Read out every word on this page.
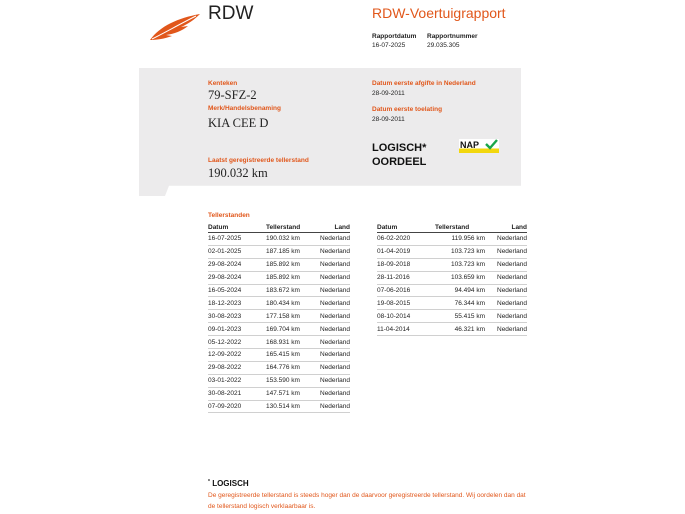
RDW	RDW-Voertuigrapport
Rapportdatum
16-07-2025
Rapportnummer
29.035.305
Kenteken
79-SFZ-2
Merk/Handelsbenaming
KIA CEE D
Laatst geregistreerde tellerstand
190.032 km
Datum eerste afgifte in Nederland
28-09-2011
Datum eerste toelating
28-09-2011
LOGISCH*
OORDEEL
NAP
Tellerstanden
Datum	Tellerstand	Land
16-07-2025	190.032 km	Nederland
02-01-2025	187.185 km	Nederland
29-08-2024	185.892 km	Nederland
29-08-2024	185.892 km	Nederland
16-05-2024	183.672 km	Nederland
18-12-2023	180.434 km	Nederland
30-08-2023	177.158 km	Nederland
09-01-2023	169.704 km	Nederland
05-12-2022	168.931 km	Nederland
12-09-2022	165.415 km	Nederland
29-08-2022	164.776 km	Nederland
03-01-2022	153.590 km	Nederland
30-08-2021	147.571 km	Nederland
07-09-2020	130.514 km	Nederland
Datum	Tellerstand	Land
06-02-2020	119.956 km	Nederland
01-04-2019	103.723 km	Nederland
18-09-2018	103.723 km	Nederland
28-11-2016	103.659 km	Nederland
07-06-2016	94.494 km	Nederland
19-08-2015	76.344 km	Nederland
08-10-2014	55.415 km	Nederland
11-04-2014	46.321 km	Nederland
* LOGISCH
De geregistreerde tellerstand is steeds hoger dan de daarvoor geregistreerde tellerstand. Wij oordelen dan dat de tellerstand logisch verklaarbaar is.
